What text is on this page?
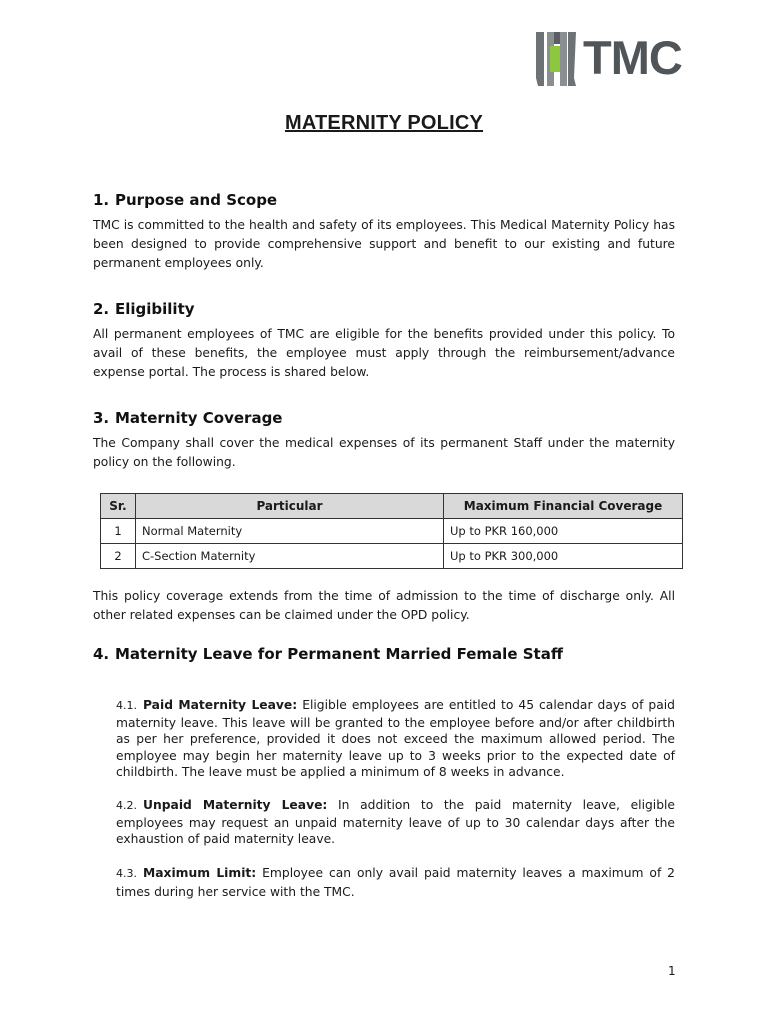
TMC
MATERNITY POLICY
1. Purpose and Scope
TMC is committed to the health and safety of its employees. This Medical Maternity Policy has been designed to provide comprehensive support and benefit to our existing and future permanent employees only.
2. Eligibility
All permanent employees of TMC are eligible for the benefits provided under this policy. To avail of these benefits, the employee must apply through the reimbursement/advance expense portal. The process is shared below.
3. Maternity Coverage
The Company shall cover the medical expenses of its permanent Staff under the maternity policy on the following.
Sr.	Particular	Maximum Financial Coverage
1	Normal Maternity	Up to PKR 160,000
2	C-Section Maternity	Up to PKR 300,000
This policy coverage extends from the time of admission to the time of discharge only. All other related expenses can be claimed under the OPD policy.
4. Maternity Leave for Permanent Married Female Staff
4.1. Paid Maternity Leave: Eligible employees are entitled to 45 calendar days of paid maternity leave. This leave will be granted to the employee before and/or after childbirth as per her preference, provided it does not exceed the maximum allowed period. The employee may begin her maternity leave up to 3 weeks prior to the expected date of childbirth. The leave must be applied a minimum of 8 weeks in advance.
4.2. Unpaid Maternity Leave: In addition to the paid maternity leave, eligible employees may request an unpaid maternity leave of up to 30 calendar days after the exhaustion of paid maternity leave.
4.3. Maximum Limit: Employee can only avail paid maternity leaves a maximum of 2 times during her service with the TMC.
1
